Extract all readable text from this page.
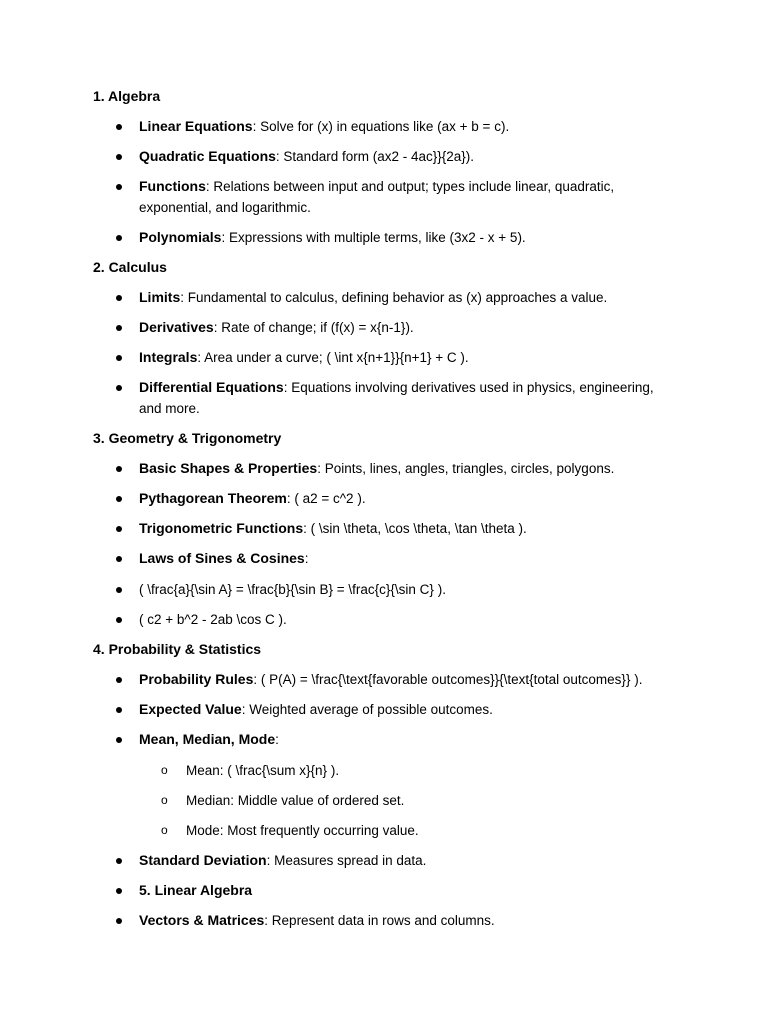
1. Algebra
Linear Equations: Solve for (x) in equations like (ax + b = c).
Quadratic Equations: Standard form (ax2 - 4ac}}{2a}).
Functions: Relations between input and output; types include linear, quadratic, exponential, and logarithmic.
Polynomials: Expressions with multiple terms, like (3x2 - x + 5).
2. Calculus
Limits: Fundamental to calculus, defining behavior as (x) approaches a value.
Derivatives: Rate of change; if (f(x) = x{n-1}).
Integrals: Area under a curve; ( \int x{n+1}}{n+1} + C ).
Differential Equations: Equations involving derivatives used in physics, engineering, and more.
3. Geometry & Trigonometry
Basic Shapes & Properties: Points, lines, angles, triangles, circles, polygons.
Pythagorean Theorem: ( a2 = c^2 ).
Trigonometric Functions: ( \sin \theta, \cos \theta, \tan \theta ).
Laws of Sines & Cosines:
( \frac{a}{\sin A} = \frac{b}{\sin B} = \frac{c}{\sin C} ).
( c2 + b^2 - 2ab \cos C ).
4. Probability & Statistics
Probability Rules: ( P(A) = \frac{\text{favorable outcomes}}{\text{total outcomes}} ).
Expected Value: Weighted average of possible outcomes.
Mean, Median, Mode:
o Mean: ( \frac{\sum x}{n} ).
o Median: Middle value of ordered set.
o Mode: Most frequently occurring value.
Standard Deviation: Measures spread in data.
5. Linear Algebra
Vectors & Matrices: Represent data in rows and columns.
